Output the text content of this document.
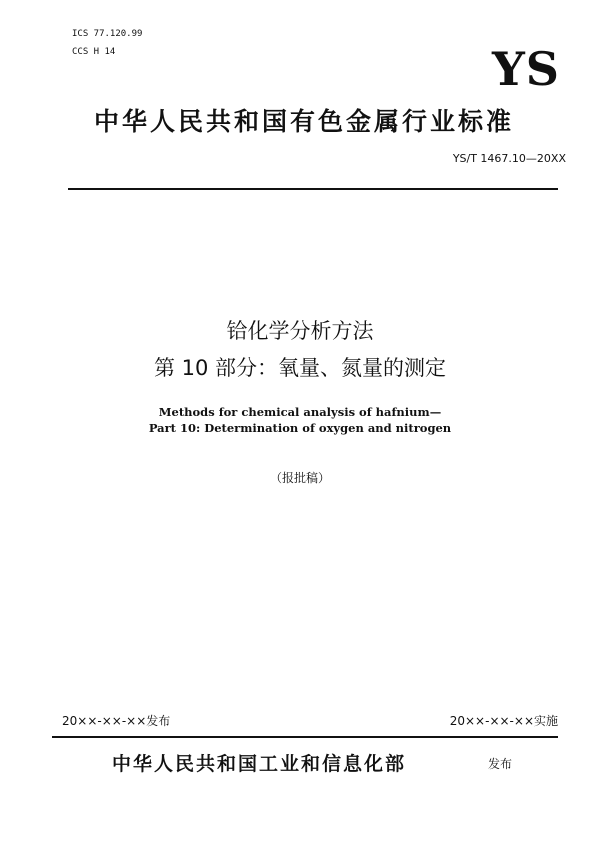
ICS 77.120.99
CCS H 14	YS
中华人民共和国有色金属行业标准
YS/T 1467.10—20XX
铪化学分析方法
第 10 部分：氧量、氮量的测定
Methods for chemical analysis of hafnium—
Part 10: Determination of oxygen and nitrogen
（报批稿）
20××-××-××发布	20××-××-××实施
中华人民共和国工业和信息化部	发布
